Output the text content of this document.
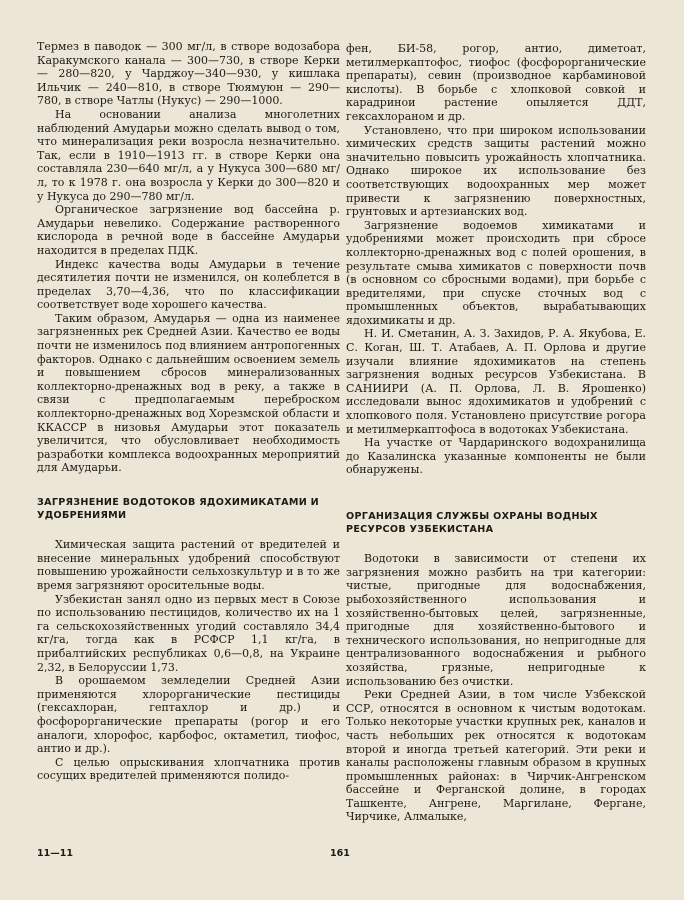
Термез в паводок — 300 мг/л, в створе водозабора Каракумского канала — 300—730, в створе Керки — 280—820, у Чарджоу—340—930, у кишлака Ильчик — 240—810, в створе Тюямуюн — 290—780, в створе Чатлы (Нукус) — 290—1000.

На основании анализа многолетних наблюдений Амударьи можно сделать вывод о том, что минерализация реки возросла незначительно. Так, если в 1910—1913 гг. в створе Керки она составляла 230—640 мг/л, а у Нукуса 300—680 мг/л, то к 1978 г. она возросла у Керки до 300—820 и у Нукуса до 290—780 мг/л.

Органическое загрязнение вод бассейна р. Амударьи невелико. Содержание растворенного кислорода в речной воде в бассейне Амударьи находится в пределах ПДК.

Индекс качества воды Амударьи в течение десятилетия почти не изменился, он колеблется в пределах 3,70—4,36, что по классификации соответствует воде хорошего качества.

Таким образом, Амударья — одна из наименее загрязненных рек Средней Азии. Качество ее воды почти не изменилось под влиянием антропогенных факторов. Однако с дальнейшим освоением земель и повышением сбросов минерализованных коллекторно-дренажных вод в реку, а также в связи с предполагаемым переброском коллекторно-дренажных вод Хорезмской области и ККАССР в низовья Амударьи этот показатель увеличится, что обусловливает необходимость разработки комплекса водоохранных мероприятий для Амударьи.

ЗАГРЯЗНЕНИЕ ВОДОТОКОВ ЯДОХИМИКАТАМИ И УДОБРЕНИЯМИ

Химическая защита растений от вредителей и внесение минеральных удобрений способствуют повышению урожайности сельхозкультур и в то же время загрязняют оросительные воды.

Узбекистан занял одно из первых мест в Союзе по использованию пестицидов, количество их на 1 га сельскохозяйственных угодий составляло 34,4 кг/га, тогда как в РСФСР 1,1 кг/га, в прибалтийских республиках 0,6—0,8, на Украине 2,32, в Белоруссии 1,73.

В орошаемом земледелии Средней Азии применяются хлорорганические пестициды (гексахлоран, гептахлор и др.) и фосфорорганические препараты (рогор и его аналоги, хлорофос, карбофос, октаметил, тиофос, антио и др.).

С целью опрыскивания хлопчатника против сосущих вредителей применяются полидо-

фен, БИ-58, рогор, антио, диметоат, метилмеркаптофос, тиофос (фосфорорганические препараты), севин (производное карбаминовой кислоты). В борьбе с хлопковой совкой и карадринои растение опыляется ДДТ, гексахлораном и др.

Установлено, что при широком использовании химических средств защиты растений можно значительно повысить урожайность хлопчатника. Однако широкое их использование без соответствующих водоохранных мер может привести к загрязнению поверхностных, грунтовых и артезианских вод.

Загрязнение водоемов химикатами и удобрениями может происходить при сбросе коллекторно-дренажных вод с полей орошения, в результате смыва химикатов с поверхности почв (в основном со сбросными водами), при борьбе с вредителями, при спуске сточных вод с промышленных объектов, вырабатывающих ядохимикаты и др.

Н. И. Сметанин, А. З. Захидов, Р. А. Якубова, Е. С. Коган, Ш. Т. Атабаев, А. П. Орлова и другие изучали влияние ядохимикатов на степень загрязнения водных ресурсов Узбекистана. В САНИИРИ (А. П. Орлова, Л. В. Ярошенко) исследовали вынос ядохимикатов и удобрений с хлопкового поля. Установлено присутствие рогора и метилмеркаптофоса в водотоках Узбекистана.

На участке от Чардаринского водохранилища до Казалинска указанные компоненты не были обнаружены.

ОРГАНИЗАЦИЯ СЛУЖБЫ ОХРАНЫ ВОДНЫХ РЕСУРСОВ УЗБЕКИСТАНА

Водотоки в зависимости от степени их загрязнения можно разбить на три категории: чистые, пригодные для водоснабжения, рыбохозяйственного использования и хозяйственно-бытовых целей, загрязненные, пригодные для хозяйственно-бытового и технического использования, но непригодные для централизованного водоснабжения и рыбного хозяйства, грязные, непригодные к использованию без очистки.

Реки Средней Азии, в том числе Узбекской ССР, относятся в основном к чистым водотокам. Только некоторые участки крупных рек, каналов и часть небольших рек относятся к водотокам второй и иногда третьей категорий. Эти реки и каналы расположены главным образом в крупных промышленных районах: в Чирчик-Ангренском бассейне и Ферганской долине, в городах Ташкенте, Ангрене, Маргилане, Фергане, Чирчике, Алмалыке,

11—11	161
